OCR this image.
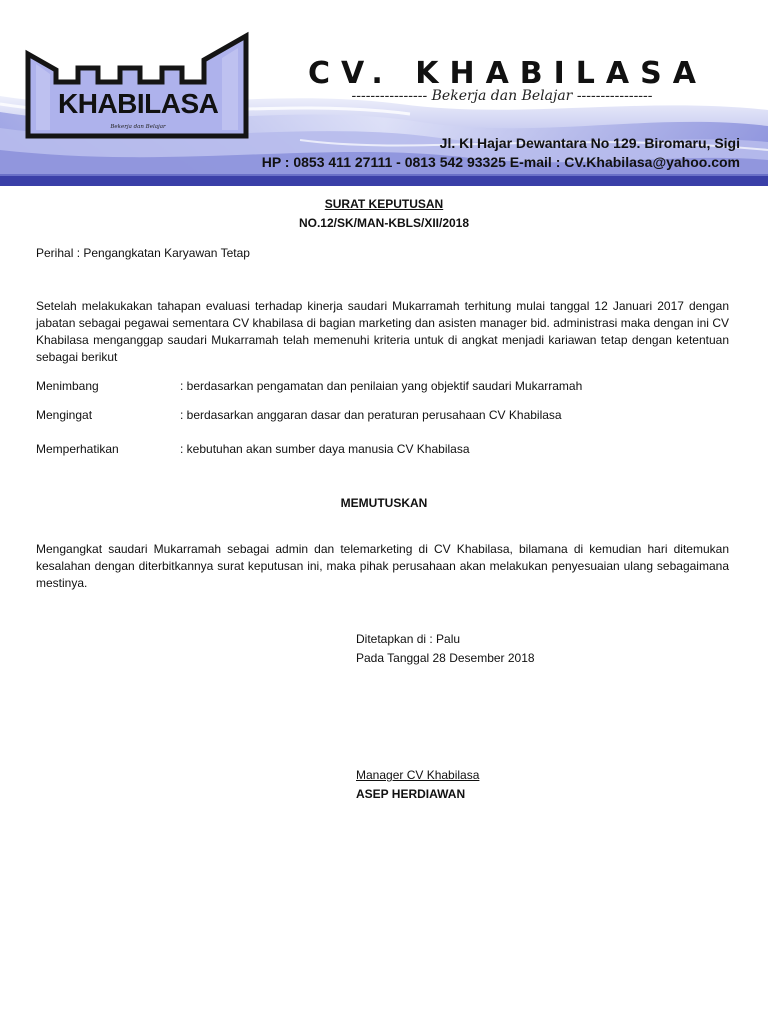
KHABILASA
Bekerja dan Belajar
CV. KHABILASA
---------------- Bekerja dan Belajar ----------------
Jl. KI Hajar Dewantara No 129. Biromaru, Sigi
HP : 0853 411 27111 - 0813 542 93325 E-mail : CV.Khabilasa@yahoo.com
SURAT KEPUTUSAN
NO.12/SK/MAN-KBLS/XII/2018
Perihal : Pengangkatan Karyawan Tetap
Setelah melakukakan tahapan evaluasi terhadap kinerja saudari Mukarramah terhitung mulai tanggal 12 Januari 2017 dengan jabatan sebagai pegawai sementara CV khabilasa di bagian marketing dan asisten manager bid. administrasi maka dengan ini CV Khabilasa menganggap saudari Mukarramah telah memenuhi kriteria untuk di angkat menjadi kariawan tetap dengan ketentuan sebagai berikut
Menimbang	: berdasarkan pengamatan dan penilaian yang objektif saudari Mukarramah
Mengingat	: berdasarkan anggaran dasar dan peraturan perusahaan CV Khabilasa
Memperhatikan	: kebutuhan akan sumber daya manusia CV Khabilasa
MEMUTUSKAN
Mengangkat saudari Mukarramah sebagai admin dan telemarketing di CV Khabilasa, bilamana di kemudian hari ditemukan kesalahan dengan diterbitkannya surat keputusan ini, maka pihak perusahaan akan melakukan penyesuaian ulang sebagaimana mestinya.
Ditetapkan di : Palu
Pada Tanggal 28 Desember 2018
Manager CV Khabilasa
ASEP HERDIAWAN
